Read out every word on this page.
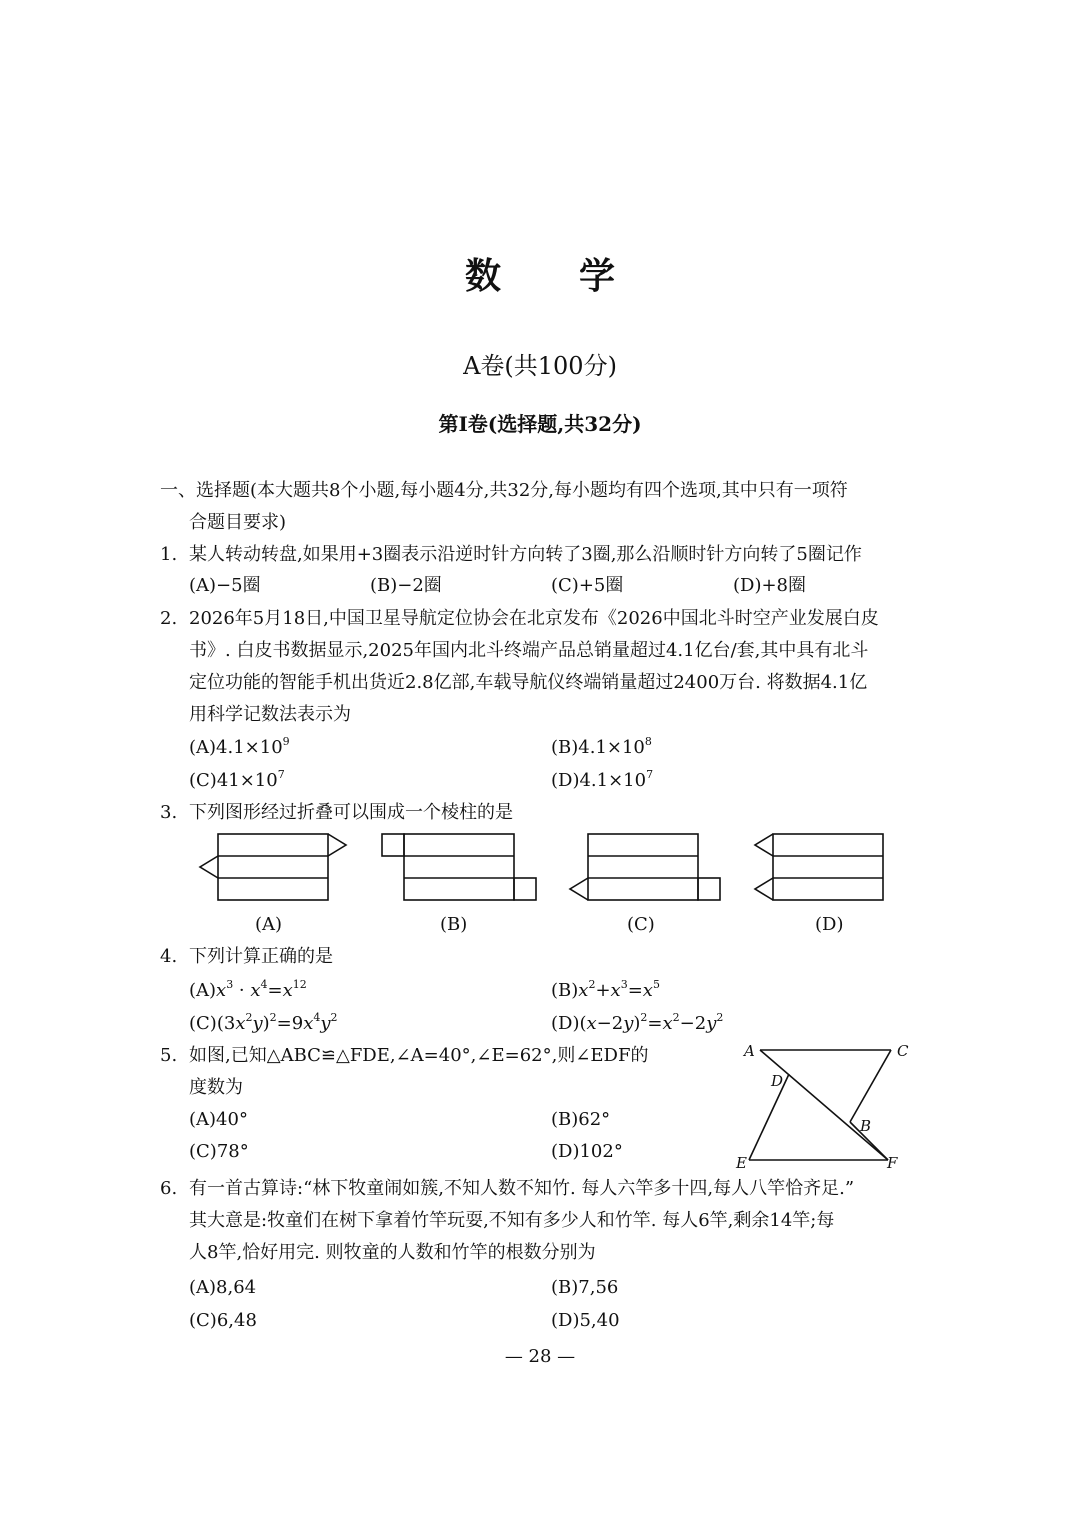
数学
A卷(共100分)
第Ⅰ卷(选择题,共32分)
一、选择题(本大题共8个小题,每小题4分,共32分,每小题均有四个选项,其中只有一项符
合题目要求)
1. 某人转动转盘,如果用+3圈表示沿逆时针方向转了3圈,那么沿顺时针方向转了5圈记作
(A)−5圈	(B)−2圈	(C)+5圈	(D)+8圈
2. 2026年5月18日,中国卫星导航定位协会在北京发布《2026中国北斗时空产业发展白皮
书》. 白皮书数据显示,2025年国内北斗终端产品总销量超过4.1亿台/套,其中具有北斗
定位功能的智能手机出货近2.8亿部,车载导航仪终端销量超过2400万台. 将数据4.1亿
用科学记数法表示为
$(A)4.1\times 10^9$	$(B)4.1\times 10^8$
$(C)41\times 10^7$	$(D)4.1\times 10^7$
3. 下列图形经过折叠可以围成一个棱柱的是
(A)	(B)	(C)	(D)
4. 下列计算正确的是
$(A)x^3 \cdot x^4=x^{12}$	$(B)x^2+x^3=x^5$
$(C)(3x^2y)^2=9x^4y^2$	$(D)(x-2y)^2=x^2-2y^2$
5. 如图,已知△ABC≌△FDE,∠A=40°,∠E=62°,则∠EDF的
度数为
(A)40°	(B)62°
(C)78°	(D)102°
A	C
D
B
E	F
6. 有一首古算诗:“林下牧童闹如簇,不知人数不知竹. 每人六竿多十四,每人八竿恰齐足.”
其大意是:牧童们在树下拿着竹竿玩耍,不知有多少人和竹竿. 每人6竿,剩余14竿;每
人8竿,恰好用完. 则牧童的人数和竹竿的根数分别为
(A)8,64	(B)7,56
(C)6,48	(D)5,40
— 28 —
